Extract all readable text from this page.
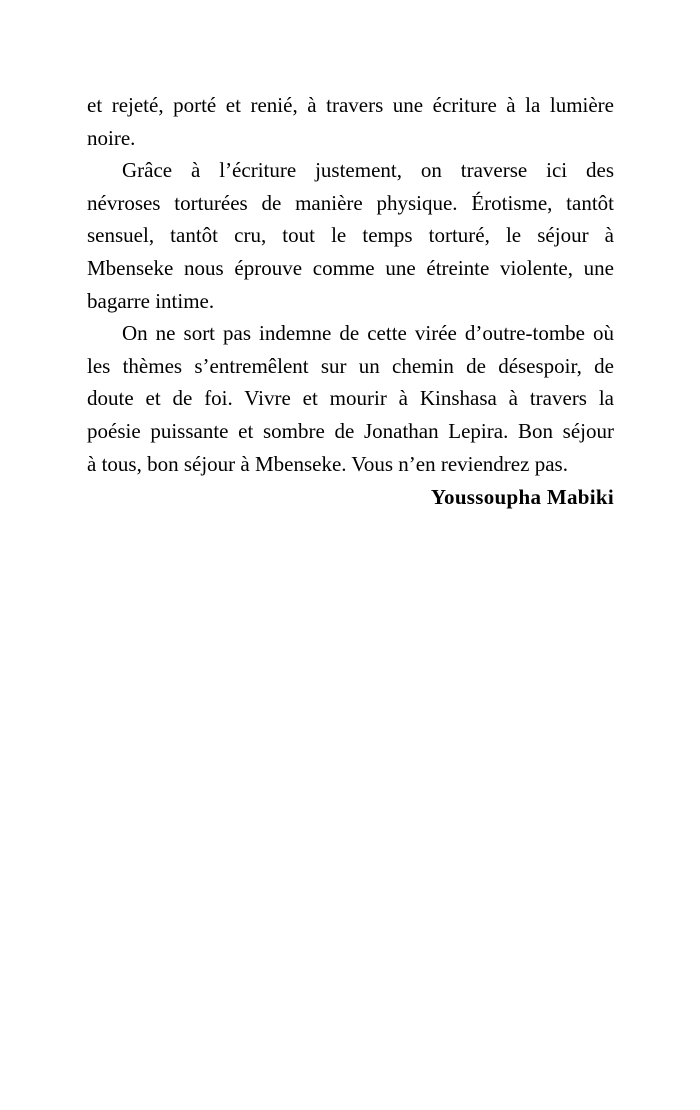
et rejeté, porté et renié, à travers une écriture à la lumière
noire.
Grâce à l’écriture justement, on traverse ici des
névroses torturées de manière physique. Érotisme, tantôt
sensuel, tantôt cru, tout le temps torturé, le séjour à
Mbenseke nous éprouve comme une étreinte violente, une
bagarre intime.
On ne sort pas indemne de cette virée d’outre-tombe où
les thèmes s’entremêlent sur un chemin de désespoir, de
doute et de foi. Vivre et mourir à Kinshasa à travers la
poésie puissante et sombre de Jonathan Lepira. Bon séjour
à tous, bon séjour à Mbenseke. Vous n’en reviendrez pas.
Youssoupha Mabiki
